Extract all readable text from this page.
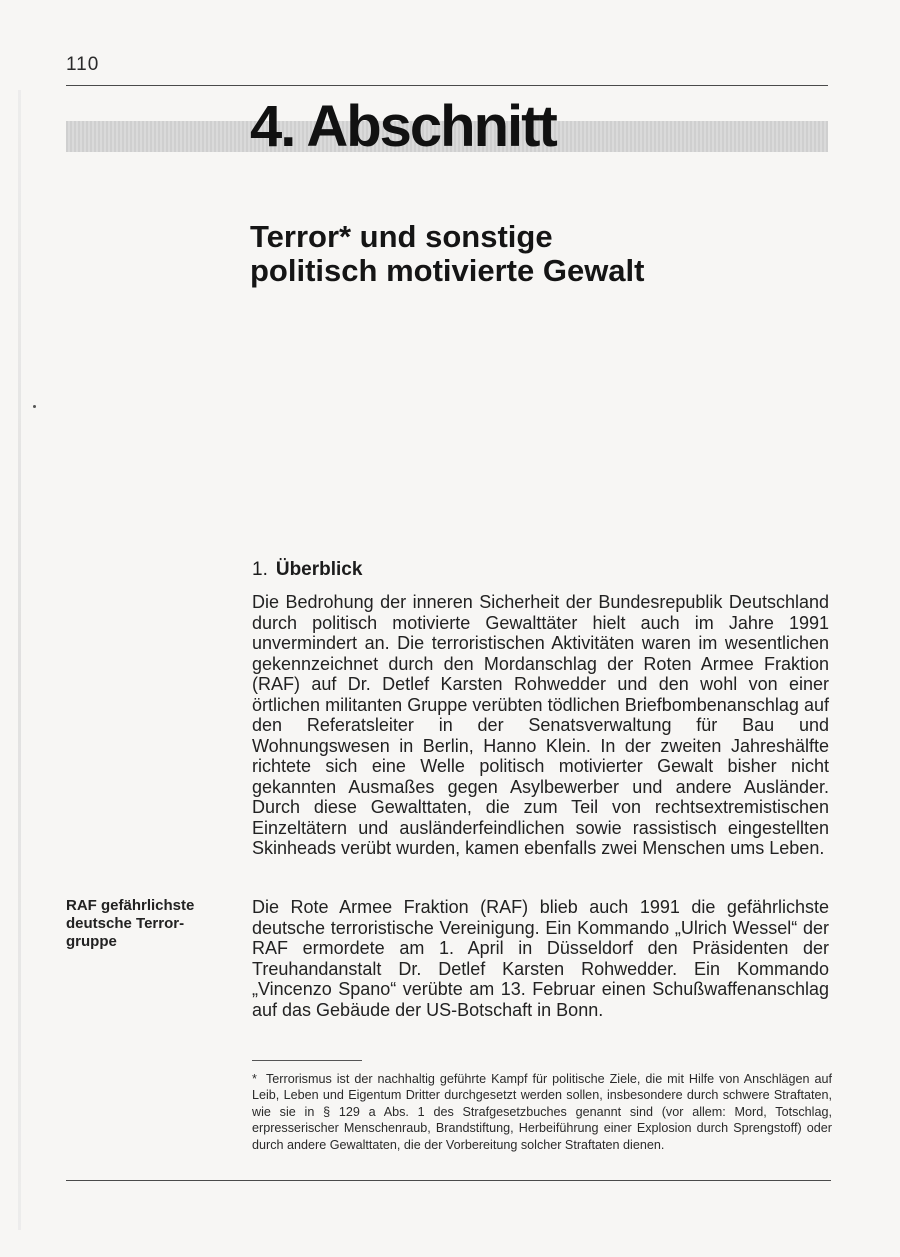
110
4. Abschnitt
Terror* und sonstige
politisch motivierte Gewalt
1. Überblick
Die Bedrohung der inneren Sicherheit der Bundesrepublik Deutschland durch politisch motivierte Gewalttäter hielt auch im Jahre 1991 unvermindert an. Die terroristischen Aktivitäten waren im wesentlichen gekennzeichnet durch den Mordanschlag der Roten Armee Fraktion (RAF) auf Dr. Detlef Karsten Rohwedder und den wohl von einer örtlichen militanten Gruppe verübten tödlichen Briefbombenanschlag auf den Referatsleiter in der Senatsverwaltung für Bau und Wohnungswesen in Berlin, Hanno Klein. In der zweiten Jahreshälfte richtete sich eine Welle politisch motivierter Gewalt bisher nicht gekannten Ausmaßes gegen Asylbewerber und andere Ausländer. Durch diese Gewalttaten, die zum Teil von rechtsextremistischen Einzeltätern und ausländerfeindlichen sowie rassistisch eingestellten Skinheads verübt wurden, kamen ebenfalls zwei Menschen ums Leben.
RAF gefährlichste
deutsche Terror-
gruppe
Die Rote Armee Fraktion (RAF) blieb auch 1991 die gefährlichste deutsche terroristische Vereinigung. Ein Kommando „Ulrich Wessel“ der RAF ermordete am 1. April in Düsseldorf den Präsidenten der Treuhandanstalt Dr. Detlef Karsten Rohwedder. Ein Kommando „Vincenzo Spano“ verübte am 13. Februar einen Schußwaffenanschlag auf das Gebäude der US-Botschaft in Bonn.
* Terrorismus ist der nachhaltig geführte Kampf für politische Ziele, die mit Hilfe von Anschlägen auf Leib, Leben und Eigentum Dritter durchgesetzt werden sollen, insbesondere durch schwere Straftaten, wie sie in § 129 a Abs. 1 des Strafgesetzbuches genannt sind (vor allem: Mord, Totschlag, erpresserischer Menschenraub, Brandstiftung, Herbeiführung einer Explosion durch Sprengstoff) oder durch andere Gewalttaten, die der Vorbereitung solcher Straftaten dienen.
